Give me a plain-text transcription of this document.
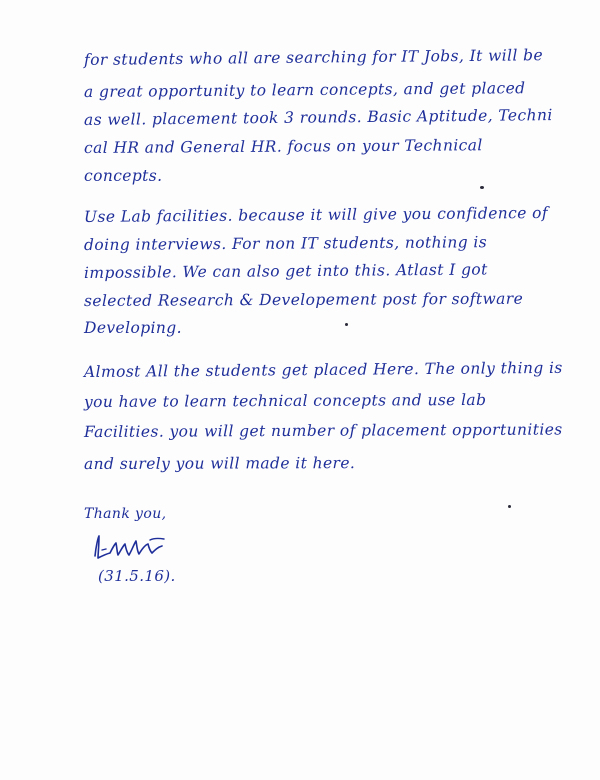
for students who all are searching for IT Jobs, It will be
a great opportunity to learn concepts, and get placed
as well. placement took 3 rounds. Basic Aptitude, Techni
cal HR and General HR. focus on your Technical
concepts.
Use Lab facilities. because it will give you confidence of
doing interviews. For non IT students, nothing is
impossible. We can also get into this. Atlast I got
selected Research & Developement post for software
Developing.
Almost All the students get placed Here. The only thing is
you have to learn technical concepts and use lab
Facilities. you will get number of placement opportunities
and surely you will made it here.
Thank you,
(31.5.16).
